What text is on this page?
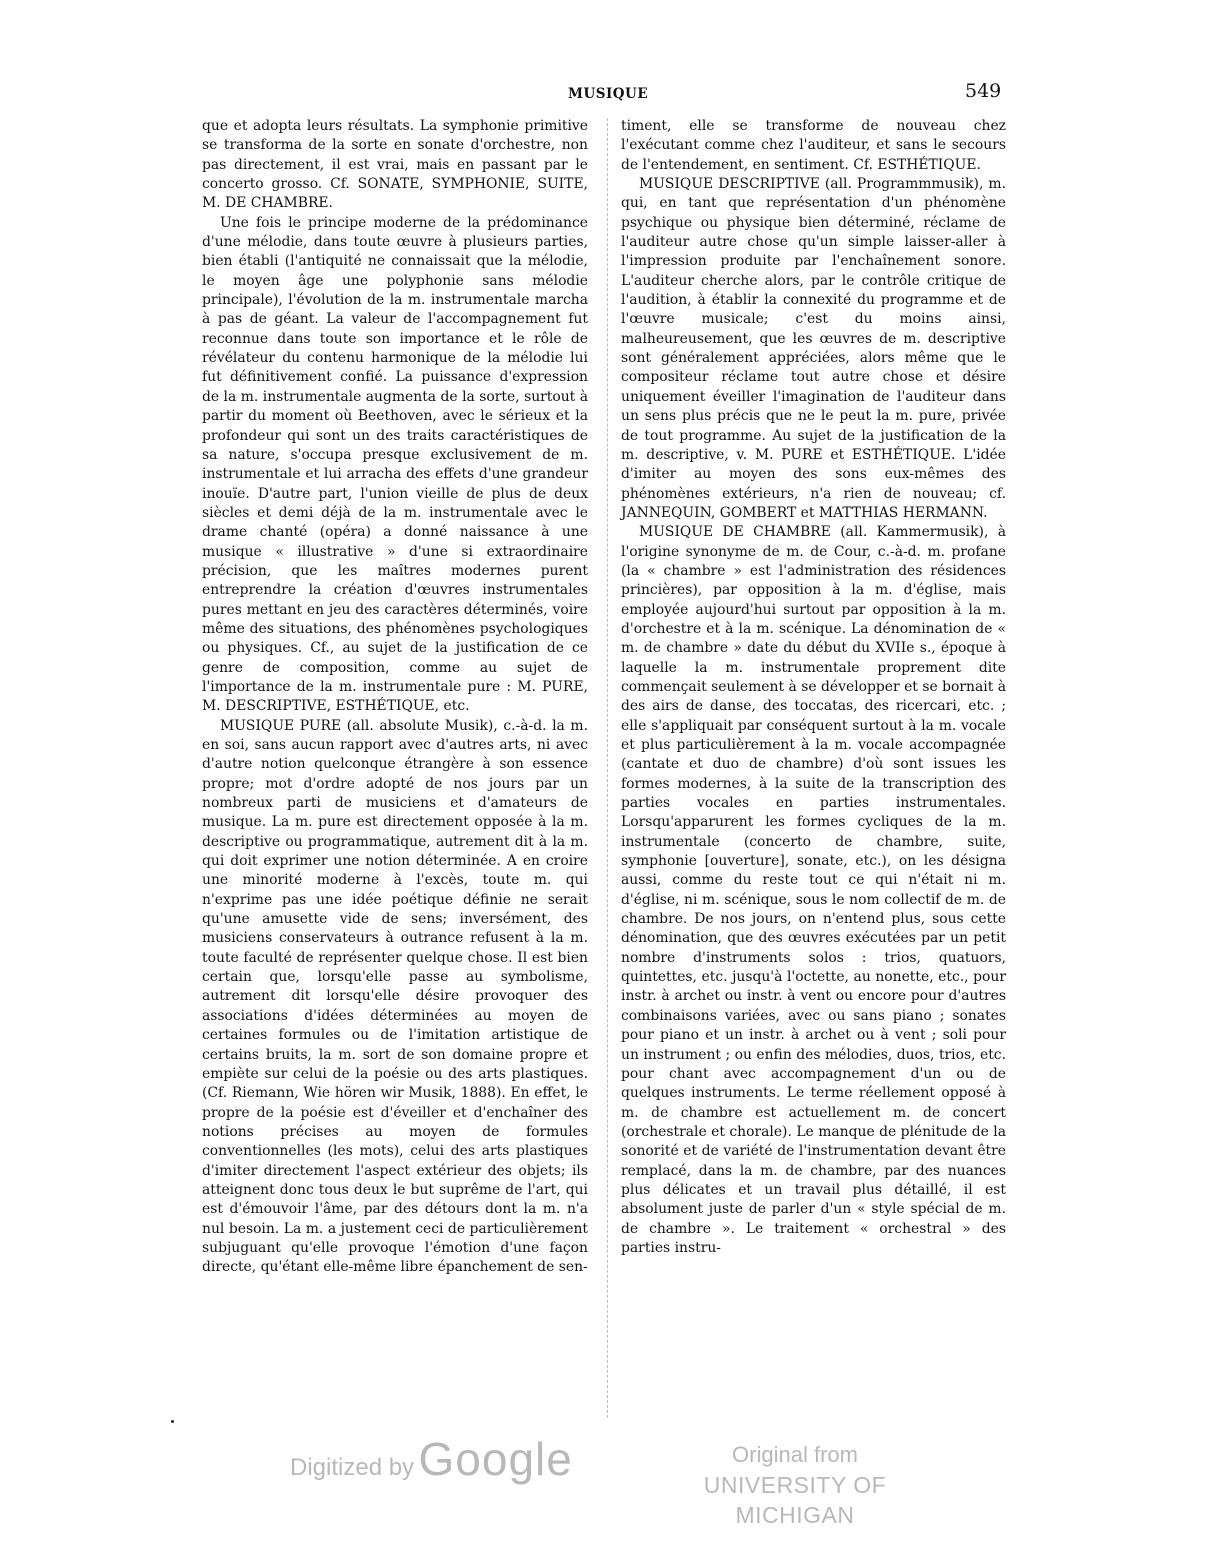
MUSIQUE	549

que et adopta leurs résultats. La symphonie primitive se transforma de la sorte en sonate d'orchestre, non pas directement, il est vrai, mais en passant par le concerto grosso. Cf. SONATE, SYMPHONIE, SUITE, M. DE CHAMBRE.

Une fois le principe moderne de la prédominance d'une mélodie, dans toute œuvre à plusieurs parties, bien établi (l'antiquité ne connaissait que la mélodie, le moyen âge une polyphonie sans mélodie principale), l'évolution de la m. instrumentale marcha à pas de géant. La valeur de l'accompagnement fut reconnue dans toute son importance et le rôle de révélateur du contenu harmonique de la mélodie lui fut définitivement confié. La puissance d'expression de la m. instrumentale augmenta de la sorte, surtout à partir du moment où Beethoven, avec le sérieux et la profondeur qui sont un des traits caractéristiques de sa nature, s'occupa presque exclusivement de m. instrumentale et lui arracha des effets d'une grandeur inouïe. D'autre part, l'union vieille de plus de deux siècles et demi déjà de la m. instrumentale avec le drame chanté (opéra) a donné naissance à une musique « illustrative » d'une si extraordinaire précision, que les maîtres modernes purent entreprendre la création d'œuvres instrumentales pures mettant en jeu des caractères déterminés, voire même des situations, des phénomènes psychologiques ou physiques. Cf., au sujet de la justification de ce genre de composition, comme au sujet de l'importance de la m. instrumentale pure : M. PURE, M. DESCRIPTIVE, ESTHÉTIQUE, etc.

MUSIQUE PURE (all. absolute Musik), c.-à-d. la m. en soi, sans aucun rapport avec d'autres arts, ni avec d'autre notion quelconque étrangère à son essence propre; mot d'ordre adopté de nos jours par un nombreux parti de musiciens et d'amateurs de musique. La m. pure est directement opposée à la m. descriptive ou programmatique, autrement dit à la m. qui doit exprimer une notion déterminée. A en croire une minorité moderne à l'excès, toute m. qui n'exprime pas une idée poétique définie ne serait qu'une amusette vide de sens; inversément, des musiciens conservateurs à outrance refusent à la m. toute faculté de représenter quelque chose. Il est bien certain que, lorsqu'elle passe au symbolisme, autrement dit lorsqu'elle désire provoquer des associations d'idées déterminées au moyen de certaines formules ou de l'imitation artistique de certains bruits, la m. sort de son domaine propre et empiète sur celui de la poésie ou des arts plastiques. (Cf. Riemann, Wie hören wir Musik, 1888). En effet, le propre de la poésie est d'éveiller et d'enchaîner des notions précises au moyen de formules conventionnelles (les mots), celui des arts plastiques d'imiter directement l'aspect extérieur des objets; ils atteignent donc tous deux le but suprême de l'art, qui est d'émouvoir l'âme, par des détours dont la m. n'a nul besoin. La m. a justement ceci de particulièrement subjuguant qu'elle provoque l'émotion d'une façon directe, qu'étant elle-même libre épanchement de sen-

timent, elle se transforme de nouveau chez l'exécutant comme chez l'auditeur, et sans le secours de l'entendement, en sentiment. Cf. ESTHÉTIQUE.

MUSIQUE DESCRIPTIVE (all. Programmmusik), m. qui, en tant que représentation d'un phénomène psychique ou physique bien déterminé, réclame de l'auditeur autre chose qu'un simple laisser-aller à l'impression produite par l'enchaînement sonore. L'auditeur cherche alors, par le contrôle critique de l'audition, à établir la connexité du programme et de l'œuvre musicale; c'est du moins ainsi, malheureusement, que les œuvres de m. descriptive sont généralement appréciées, alors même que le compositeur réclame tout autre chose et désire uniquement éveiller l'imagination de l'auditeur dans un sens plus précis que ne le peut la m. pure, privée de tout programme. Au sujet de la justification de la m. descriptive, v. M. PURE et ESTHÉTIQUE. L'idée d'imiter au moyen des sons eux-mêmes des phénomènes extérieurs, n'a rien de nouveau; cf. JANNEQUIN, GOMBERT et MATTHIAS HERMANN.

MUSIQUE DE CHAMBRE (all. Kammermusik), à l'origine synonyme de m. de Cour, c.-à-d. m. profane (la « chambre » est l'administration des résidences princières), par opposition à la m. d'église, mais employée aujourd'hui surtout par opposition à la m. d'orchestre et à la m. scénique. La dénomination de « m. de chambre » date du début du XVIIe s., époque à laquelle la m. instrumentale proprement dite commençait seulement à se développer et se bornait à des airs de danse, des toccatas, des ricercari, etc. ; elle s'appliquait par conséquent surtout à la m. vocale et plus particulièrement à la m. vocale accompagnée (cantate et duo de chambre) d'où sont issues les formes modernes, à la suite de la transcription des parties vocales en parties instrumentales. Lorsqu'apparurent les formes cycliques de la m. instrumentale (concerto de chambre, suite, symphonie [ouverture], sonate, etc.), on les désigna aussi, comme du reste tout ce qui n'était ni m. d'église, ni m. scénique, sous le nom collectif de m. de chambre. De nos jours, on n'entend plus, sous cette dénomination, que des œuvres exécutées par un petit nombre d'instruments solos : trios, quatuors, quintettes, etc. jusqu'à l'octette, au nonette, etc., pour instr. à archet ou instr. à vent ou encore pour d'autres combinaisons variées, avec ou sans piano ; sonates pour piano et un instr. à archet ou à vent ; soli pour un instrument ; ou enfin des mélodies, duos, trios, etc. pour chant avec accompagnement d'un ou de quelques instruments. Le terme réellement opposé à m. de chambre est actuellement m. de concert (orchestrale et chorale). Le manque de plénitude de la sonorité et de variété de l'instrumentation devant être remplacé, dans la m. de chambre, par des nuances plus délicates et un travail plus détaillé, il est absolument juste de parler d'un « style spécial de m. de chambre ». Le traitement « orchestral » des parties instru-

Digitized by Google	Original from
UNIVERSITY OF MICHIGAN
